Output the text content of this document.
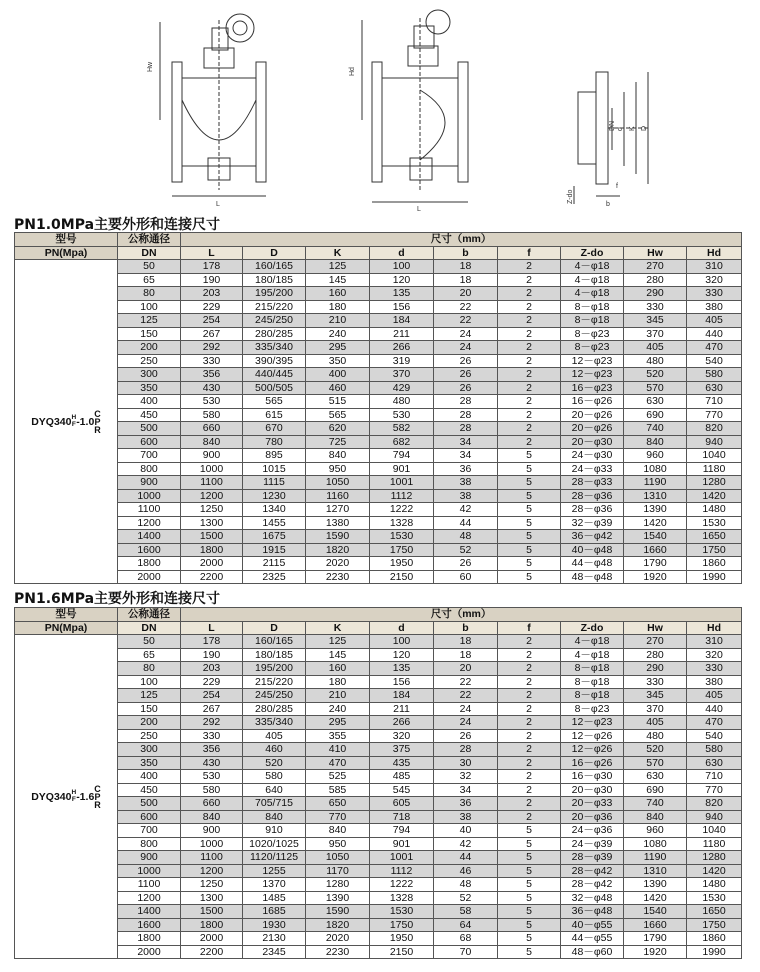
Hw	Hd
L
L
DN d K D
b
f
Z-do
PN1.0MPa主要外形和连接尺寸
型号	公称通径	尺寸（mm）								
PN(Mpa)	DN	L	D	K	d	b	f	Z-do	Hw	Hd
DYQ340H
F-1.0C
P
R	50	178	160/165	125	100	18	2	4－φ18	270	310
	65	190	180/185	145	120	18	2	4－φ18	280	320
	80	203	195/200	160	135	20	2	4－φ18	290	330
	100	229	215/220	180	156	22	2	8－φ18	330	380
	125	254	245/250	210	184	22	2	8－φ18	345	405
	150	267	280/285	240	211	24	2	8－φ23	370	440
	200	292	335/340	295	266	24	2	8－φ23	405	470
	250	330	390/395	350	319	26	2	12－φ23	480	540
	300	356	440/445	400	370	26	2	12－φ23	520	580
	350	430	500/505	460	429	26	2	16－φ23	570	630
	400	530	565	515	480	28	2	16－φ26	630	710
	450	580	615	565	530	28	2	20－φ26	690	770
	500	660	670	620	582	28	2	20－φ26	740	820
	600	840	780	725	682	34	2	20－φ30	840	940
	700	900	895	840	794	34	5	24－φ30	960	1040
	800	1000	1015	950	901	36	5	24－φ33	1080	1180
	900	1100	1115	1050	1001	38	5	28－φ33	1190	1280
	1000	1200	1230	1160	1112	38	5	28－φ36	1310	1420
	1100	1250	1340	1270	1222	42	5	28－φ36	1390	1480
	1200	1300	1455	1380	1328	44	5	32－φ39	1420	1530
	1400	1500	1675	1590	1530	48	5	36－φ42	1540	1650
	1600	1800	1915	1820	1750	52	5	40－φ48	1660	1750
	1800	2000	2115	2020	1950	26	5	44－φ48	1790	1860
	2000	2200	2325	2230	2150	60	5	48－φ48	1920	1990
PN1.6MPa主要外形和连接尺寸
型号	公称通径	尺寸（mm）								
PN(Mpa)	DN	L	D	K	d	b	f	Z-do	Hw	Hd
DYQ340H
F-1.6C
P
R	50	178	160/165	125	100	18	2	4－φ18	270	310
	65	190	180/185	145	120	18	2	4－φ18	280	320
	80	203	195/200	160	135	20	2	8－φ18	290	330
	100	229	215/220	180	156	22	2	8－φ18	330	380
	125	254	245/250	210	184	22	2	8－φ18	345	405
	150	267	280/285	240	211	24	2	8－φ23	370	440
	200	292	335/340	295	266	24	2	12－φ23	405	470
	250	330	405	355	320	26	2	12－φ26	480	540
	300	356	460	410	375	28	2	12－φ26	520	580
	350	430	520	470	435	30	2	16－φ26	570	630
	400	530	580	525	485	32	2	16－φ30	630	710
	450	580	640	585	545	34	2	20－φ30	690	770
	500	660	705/715	650	605	36	2	20－φ33	740	820
	600	840	840	770	718	38	2	20－φ36	840	940
	700	900	910	840	794	40	5	24－φ36	960	1040
	800	1000	1020/1025	950	901	42	5	24－φ39	1080	1180
	900	1100	1120/1125	1050	1001	44	5	28－φ39	1190	1280
	1000	1200	1255	1170	1112	46	5	28－φ42	1310	1420
	1100	1250	1370	1280	1222	48	5	28－φ42	1390	1480
	1200	1300	1485	1390	1328	52	5	32－φ48	1420	1530
	1400	1500	1685	1590	1530	58	5	36－φ48	1540	1650
	1600	1800	1930	1820	1750	64	5	40－φ55	1660	1750
	1800	2000	2130	2020	1950	68	5	44－φ55	1790	1860
	2000	2200	2345	2230	2150	70	5	48－φ60	1920	1990
